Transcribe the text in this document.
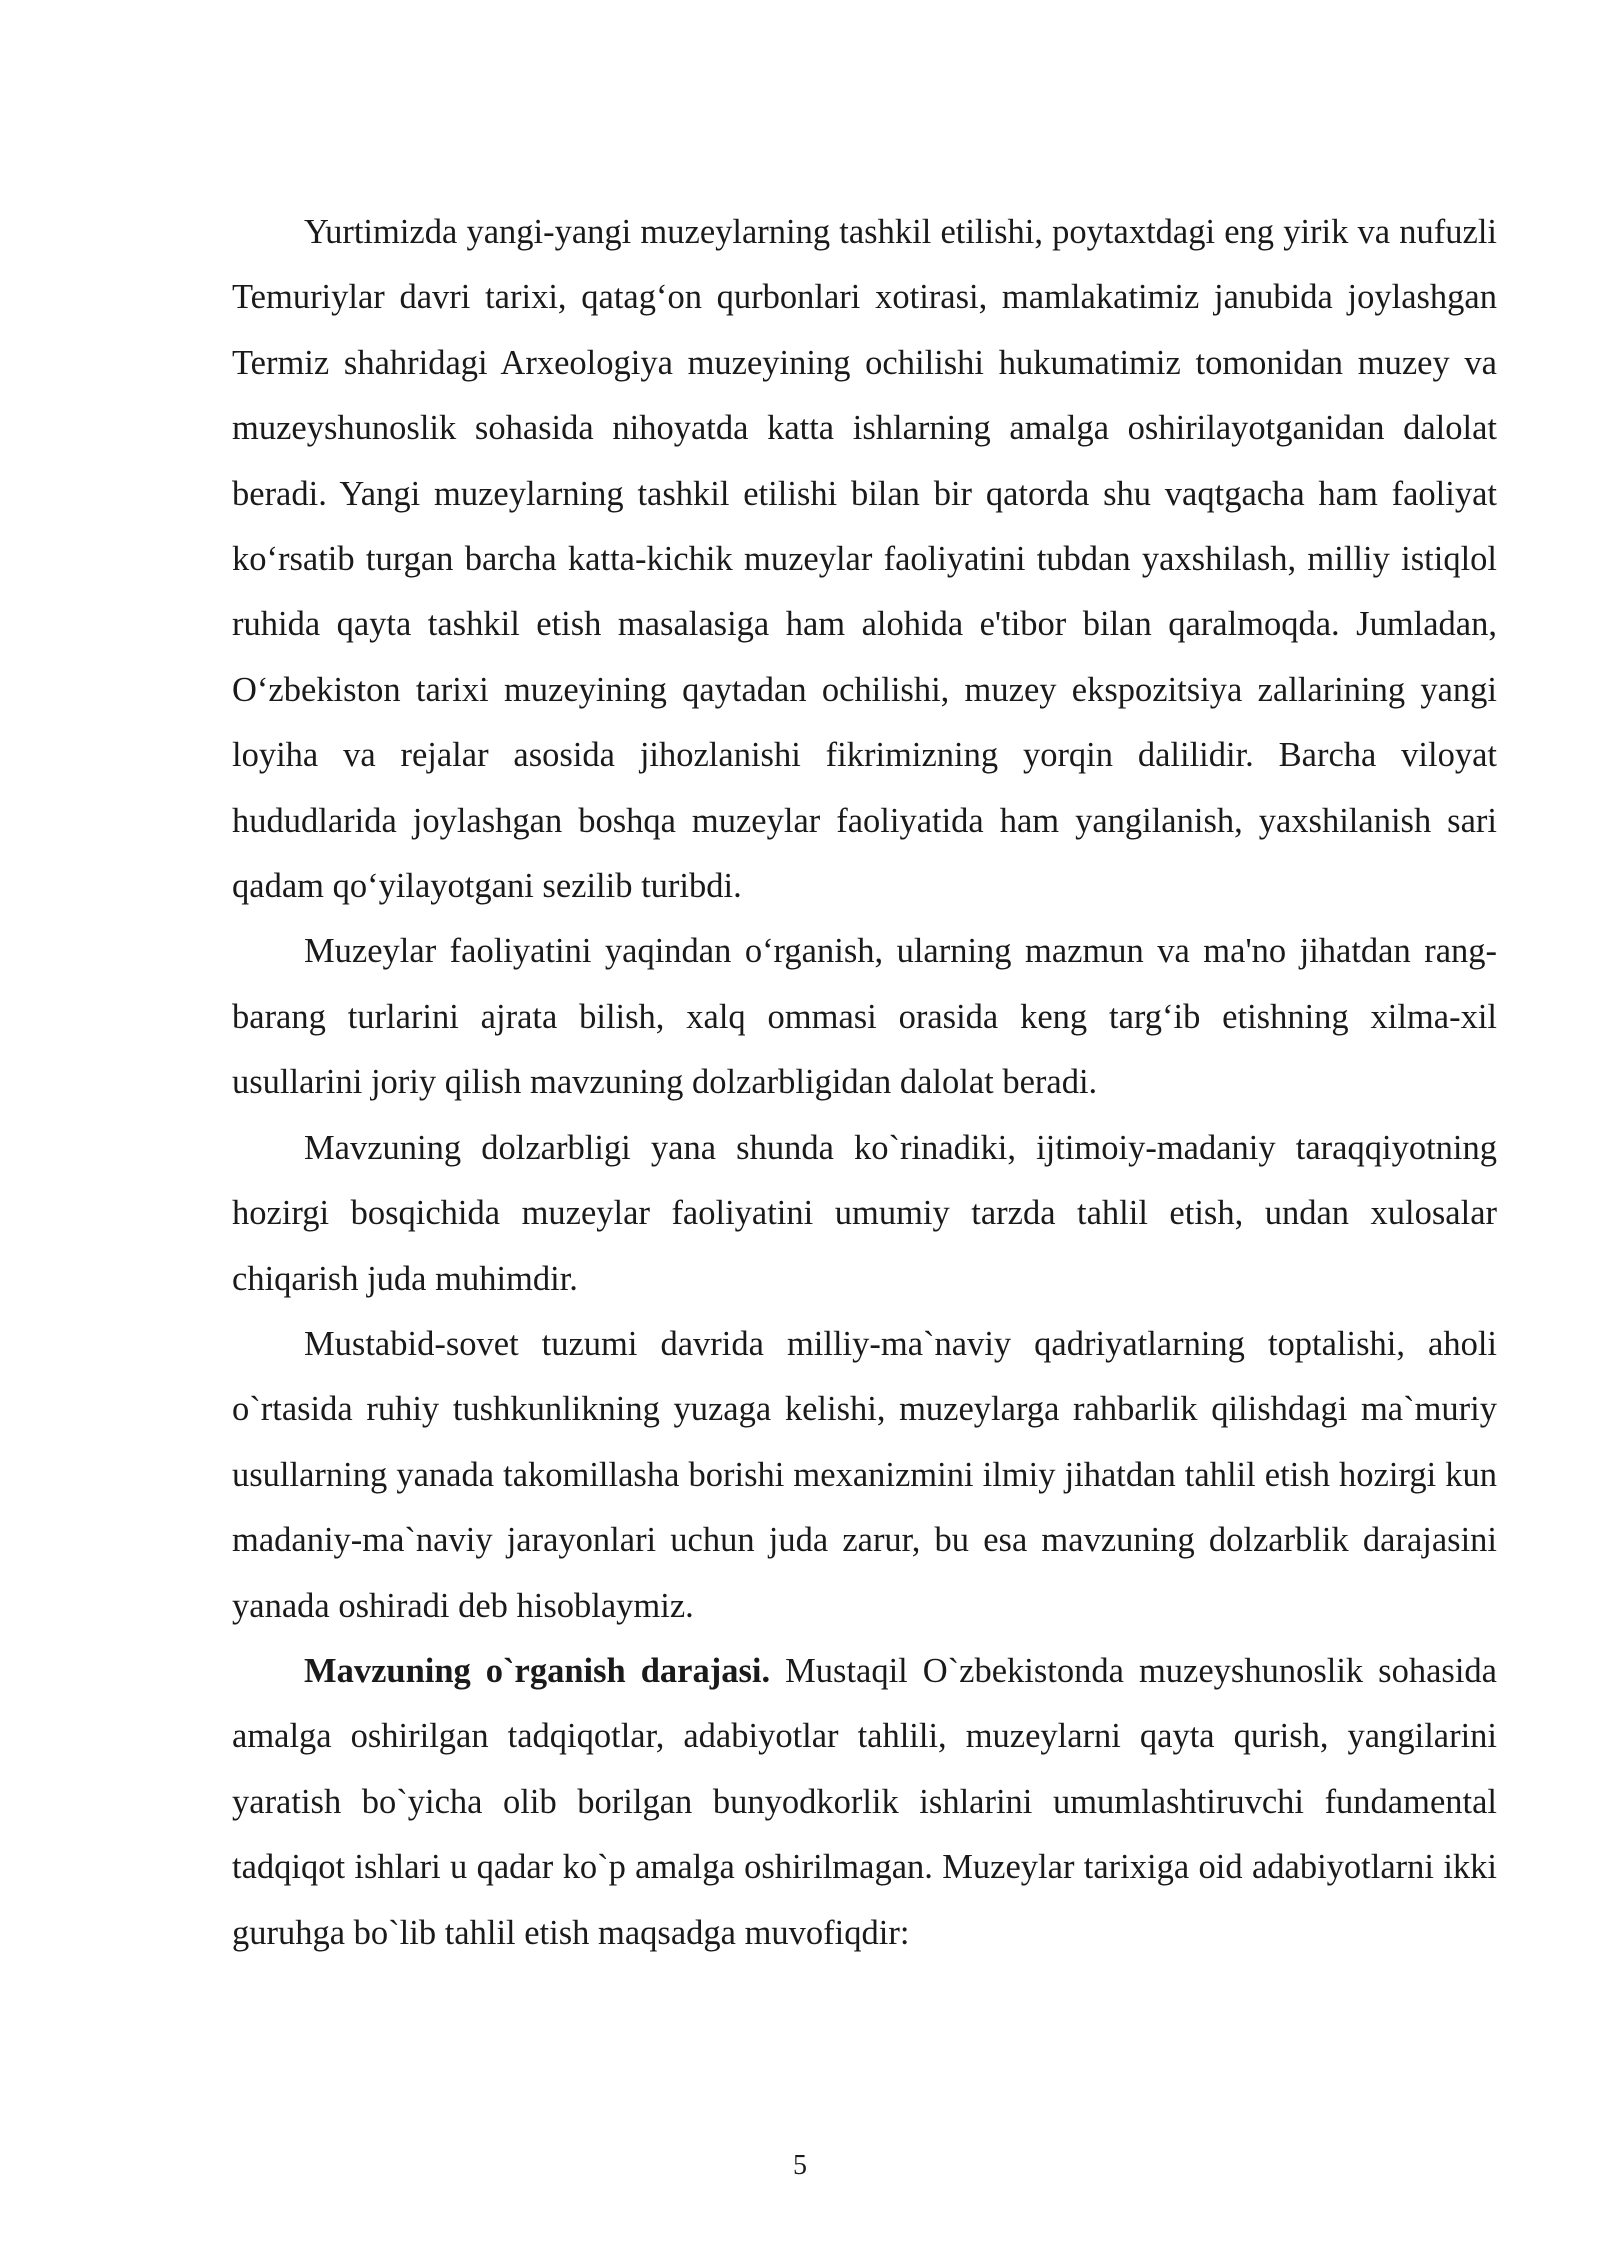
Yurtimizda yangi-yangi muzeylarning tashkil etilishi, poytaxtdagi eng yirik va nufuzli Temuriylar davri tarixi, qatag‘on qurbonlari xotirasi, mamlakatimiz janubida joylashgan Termiz shahridagi Arxeologiya muzeyining ochilishi hukumatimiz tomonidan muzey va muzeyshunoslik sohasida nihoyatda katta ishlarning amalga oshirilayotganidan dalolat beradi. Yangi muzeylarning tashkil etilishi bilan bir qatorda shu vaqtgacha ham faoliyat ko‘rsatib turgan barcha katta-kichik muzeylar faoliyatini tubdan yaxshilash, milliy istiqlol ruhida qayta tashkil etish masalasiga ham alohida e'tibor bilan qaralmoqda. Jumladan, O‘zbekiston tarixi muzeyining qaytadan ochilishi, muzey ekspozitsiya zallarining yangi loyiha va rejalar asosida jihozlanishi fikrimizning yorqin dalilidir. Barcha viloyat hududlarida joylashgan boshqa muzeylar faoliyatida ham yangilanish, yaxshilanish sari qadam qo‘yilayotgani sezilib turibdi.

Muzeylar faoliyatini yaqindan o‘rganish, ularning mazmun va ma'no jihatdan rang-barang turlarini ajrata bilish, xalq ommasi orasida keng targ‘ib etishning xilma-xil usullarini joriy qilish mavzuning dolzarbligidan dalolat beradi.

Mavzuning dolzarbligi yana shunda ko`rinadiki, ijtimoiy-madaniy taraqqiyotning hozirgi bosqichida muzeylar faoliyatini umumiy tarzda tahlil etish, undan xulosalar chiqarish juda muhimdir.

Mustabid-sovet tuzumi davrida milliy-ma`naviy qadriyatlarning toptalishi, aholi o`rtasida ruhiy tushkunlikning yuzaga kelishi, muzeylarga rahbarlik qilishdagi ma`muriy usullarning yanada takomillasha borishi mexanizmini ilmiy jihatdan tahlil etish hozirgi kun madaniy-ma`naviy jarayonlari uchun juda zarur, bu esa mavzuning dolzarblik darajasini yanada oshiradi deb hisoblaymiz.

Mavzuning o`rganish darajasi. Mustaqil O`zbekistonda muzeyshunoslik sohasida amalga oshirilgan tadqiqotlar, adabiyotlar tahlili, muzeylarni qayta qurish, yangilarini yaratish bo`yicha olib borilgan bunyodkorlik ishlarini umumlashtiruvchi fundamental tadqiqot ishlari u qadar ko`p amalga oshirilmagan. Muzeylar tarixiga oid adabiyotlarni ikki guruhga bo`lib tahlil etish maqsadga muvofiqdir:

5
